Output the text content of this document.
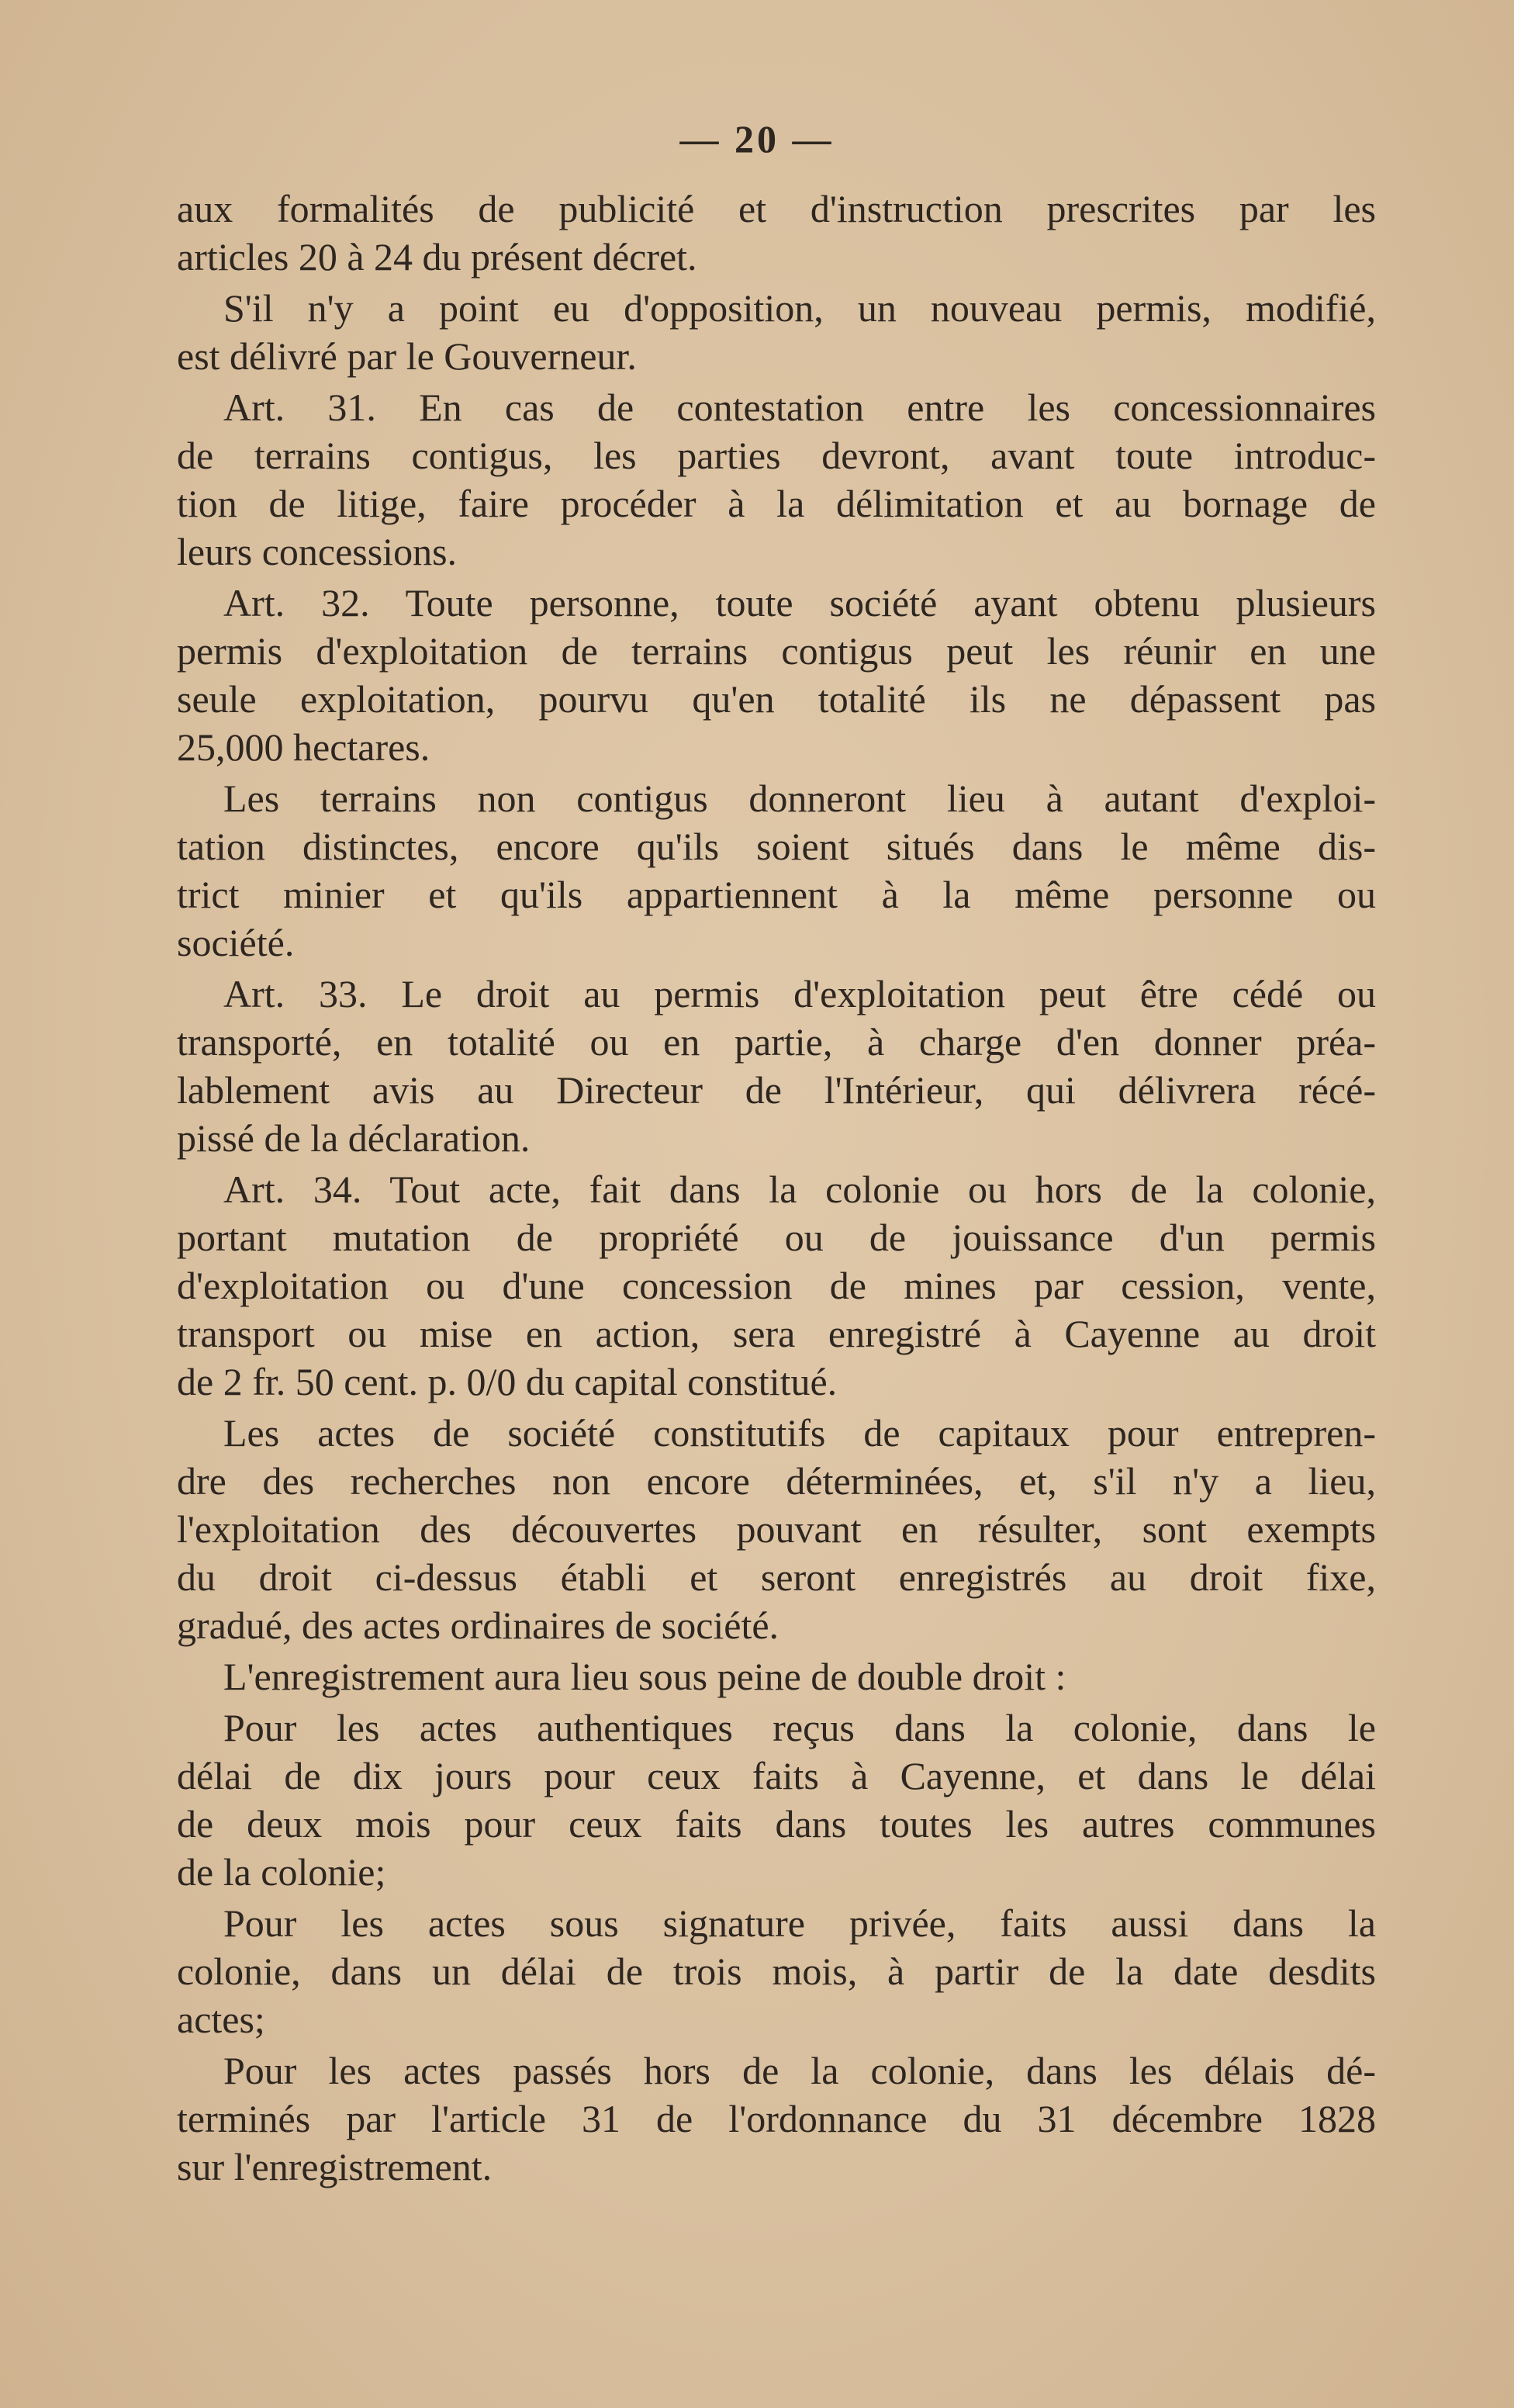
— 20 —
aux formalités de publicité et d'instruction prescrites par les
articles 20 à 24 du présent décret.
S'il n'y a point eu d'opposition, un nouveau permis, modifié,
est délivré par le Gouverneur.
Art. 31. En cas de contestation entre les concessionnaires
de terrains contigus, les parties devront, avant toute introduc-
tion de litige, faire procéder à la délimitation et au bornage de
leurs concessions.
Art. 32. Toute personne, toute société ayant obtenu plusieurs
permis d'exploitation de terrains contigus peut les réunir en une
seule exploitation, pourvu qu'en totalité ils ne dépassent pas
25,000 hectares.
Les terrains non contigus donneront lieu à autant d'exploi-
tation distinctes, encore qu'ils soient situés dans le même dis-
trict minier et qu'ils appartiennent à la même personne ou
société.
Art. 33. Le droit au permis d'exploitation peut être cédé ou
transporté, en totalité ou en partie, à charge d'en donner préa-
lablement avis au Directeur de l'Intérieur, qui délivrera récé-
pissé de la déclaration.
Art. 34. Tout acte, fait dans la colonie ou hors de la colonie,
portant mutation de propriété ou de jouissance d'un permis
d'exploitation ou d'une concession de mines par cession, vente,
transport ou mise en action, sera enregistré à Cayenne au droit
de 2 fr. 50 cent. p. 0/0 du capital constitué.
Les actes de société constitutifs de capitaux pour entrepren-
dre des recherches non encore déterminées, et, s'il n'y a lieu,
l'exploitation des découvertes pouvant en résulter, sont exempts
du droit ci-dessus établi et seront enregistrés au droit fixe,
gradué, des actes ordinaires de société.
L'enregistrement aura lieu sous peine de double droit :
Pour les actes authentiques reçus dans la colonie, dans le
délai de dix jours pour ceux faits à Cayenne, et dans le délai
de deux mois pour ceux faits dans toutes les autres communes
de la colonie;
Pour les actes sous signature privée, faits aussi dans la
colonie, dans un délai de trois mois, à partir de la date desdits
actes;
Pour les actes passés hors de la colonie, dans les délais dé-
terminés par l'article 31 de l'ordonnance du 31 décembre 1828
sur l'enregistrement.
